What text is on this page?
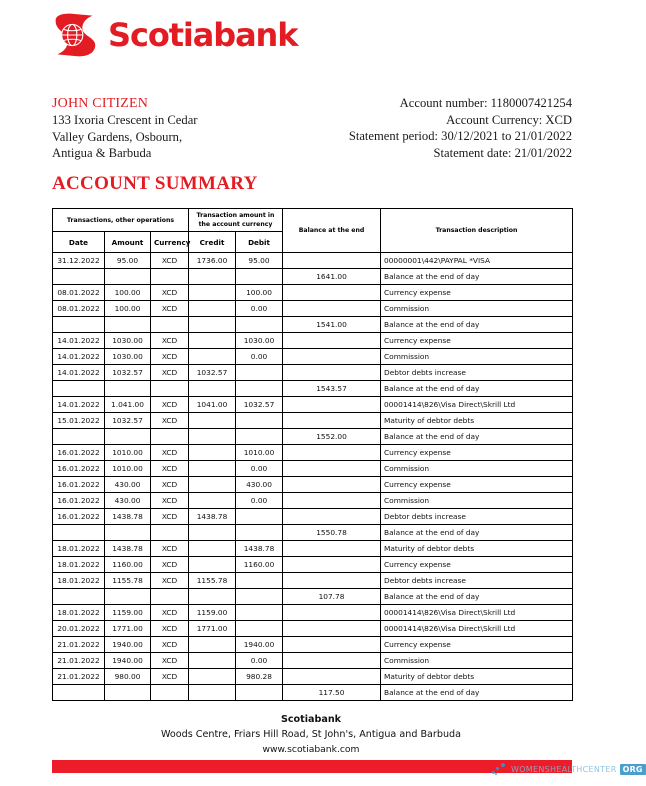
Scotiabank
JOHN CITIZEN
133 Ixoria Crescent in Cedar
Valley Gardens, Osbourn,
Antigua & Barbuda
Account number: 1180007421254
Account Currency: XCD
Statement period: 30/12/2021 to 21/01/2022
Statement date: 21/01/2022
ACCOUNT SUMMARY
Transactions, other operations			Transaction amount in the account currency		Balance at the end	Transaction description
Date	Amount	Currency	Credit	Debit		
31.12.2022	95.00	XCD	1736.00	95.00		00000001\442\PAYPAL *VISA
					1641.00	Balance at the end of day
08.01.2022	100.00	XCD		100.00		Currency expense
08.01.2022	100.00	XCD		0.00		Commission
					1541.00	Balance at the end of day
14.01.2022	1030.00	XCD		1030.00		Currency expense
14.01.2022	1030.00	XCD		0.00		Commission
14.01.2022	1032.57	XCD	1032.57			Debtor debts increase
					1543.57	Balance at the end of day
14.01.2022	1.041.00	XCD	1041.00	1032.57		00001414\826\Visa Direct\Skrill Ltd
15.01.2022	1032.57	XCD				Maturity of debtor debts
					1552.00	Balance at the end of day
16.01.2022	1010.00	XCD		1010.00		Currency expense
16.01.2022	1010.00	XCD		0.00		Commission
16.01.2022	430.00	XCD		430.00		Currency expense
16.01.2022	430.00	XCD		0.00		Commission
16.01.2022	1438.78	XCD	1438.78			Debtor debts increase
					1550.78	Balance at the end of day
18.01.2022	1438.78	XCD		1438.78		Maturity of debtor debts
18.01.2022	1160.00	XCD		1160.00		Currency expense
18.01.2022	1155.78	XCD	1155.78			Debtor debts increase
					107.78	Balance at the end of day
18.01.2022	1159.00	XCD	1159.00			00001414\826\Visa Direct\Skrill Ltd
20.01.2022	1771.00	XCD	1771.00			00001414\826\Visa Direct\Skrill Ltd
21.01.2022	1940.00	XCD		1940.00		Currency expense
21.01.2022	1940.00	XCD		0.00		Commission
21.01.2022	980.00	XCD		980.28		Maturity of debtor debts
					117.50	Balance at the end of day
Scotiabank
Woods Centre, Friars Hill Road, St John's, Antigua and Barbuda
www.scotiabank.com
WOMENSHEALTHCENTER ORG
